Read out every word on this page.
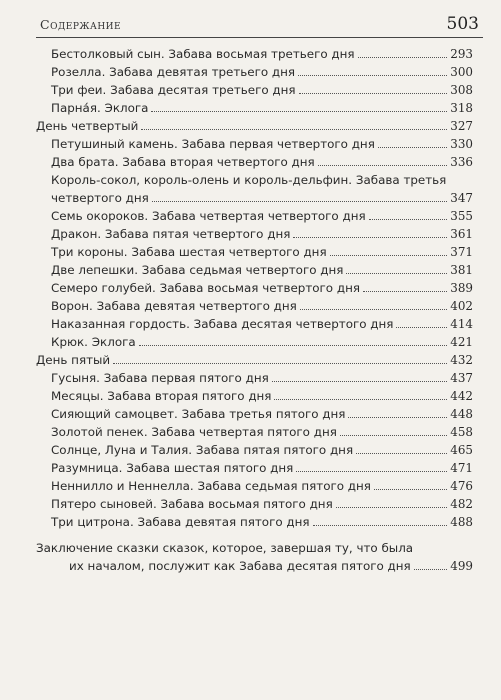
Содержание	503
Бестолковый сын. Забава восьмая третьего дня	293
Розелла. Забава девятая третьего дня	300
Три феи. Забава десятая третьего дня	308
Парна́я. Эклога	318
День четвертый	327
Петушиный камень. Забава первая четвертого дня	330
Два брата. Забава вторая четвертого дня	336
Король-сокол, король-олень и король-дельфин. Забава третья
четвертого дня	347
Семь окороков. Забава четвертая четвертого дня	355
Дракон. Забава пятая четвертого дня	361
Три короны. Забава шестая четвертого дня	371
Две лепешки. Забава седьмая четвертого дня	381
Семеро голубей. Забава восьмая четвертого дня	389
Ворон. Забава девятая четвертого дня	402
Наказанная гордость. Забава десятая четвертого дня	414
Крюк. Эклога	421
День пятый	432
Гусыня. Забава первая пятого дня	437
Месяцы. Забава вторая пятого дня	442
Сияющий самоцвет. Забава третья пятого дня	448
Золотой пенек. Забава четвертая пятого дня	458
Солнце, Луна и Талия. Забава пятая пятого дня	465
Разумница. Забава шестая пятого дня	471
Неннилло и Неннелла. Забава седьмая пятого дня	476
Пятеро сыновей. Забава восьмая пятого дня	482
Три цитрона. Забава девятая пятого дня	488
Заключение сказки сказок, которое, завершая ту, что была
их началом, послужит как Забава десятая пятого дня	499
